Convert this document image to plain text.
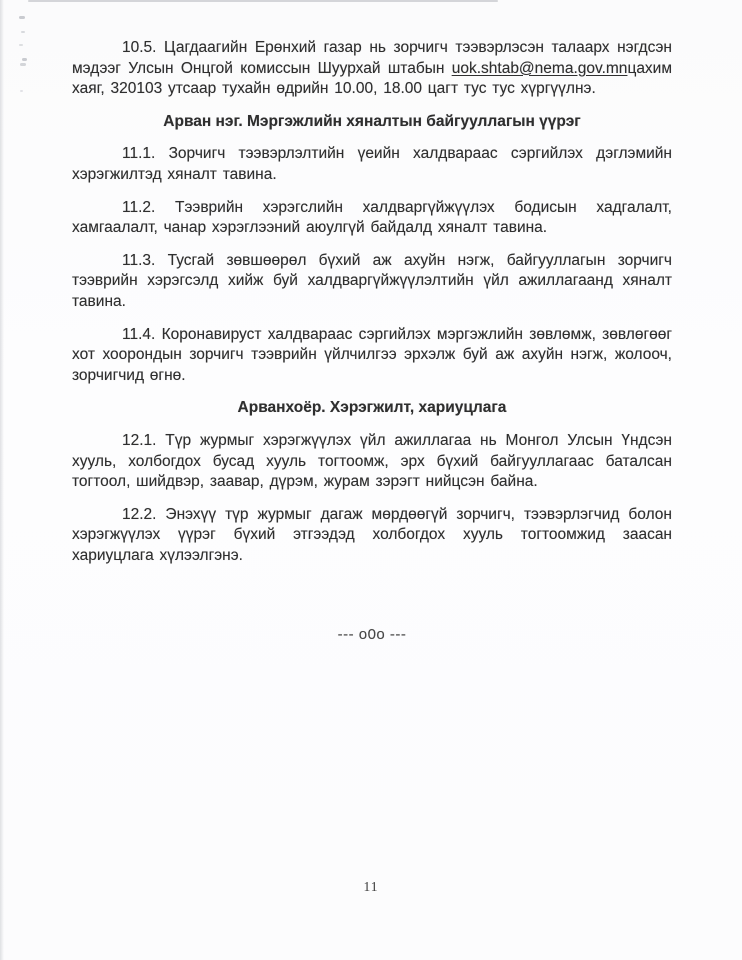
10.5. Цагдаагийн Ерөнхий газар нь зорчигч тээвэрлэсэн талаарх нэгдсэн мэдээг Улсын Онцгой комиссын Шуурхай штабын uok.shtab@nema.gov.mnцахим хаяг, 320103 утсаар тухайн өдрийн 10.00, 18.00 цагт тус тус хүргүүлнэ.

Арван нэг. Мэргэжлийн хяналтын байгууллагын үүрэг

11.1. Зорчигч тээвэрлэлтийн үеийн халдвараас сэргийлэх дэглэмийн хэрэгжилтэд хяналт тавина.

11.2. Тээврийн хэрэгслийн халдваргүйжүүлэх бодисын хадгалалт, хамгаалалт, чанар хэрэглээний аюулгүй байдалд хяналт тавина.

11.3. Тусгай зөвшөөрөл бүхий аж ахуйн нэгж, байгууллагын зорчигч тээврийн хэрэгсэлд хийж буй халдваргүйжүүлэлтийн үйл ажиллагаанд хяналт тавина.

11.4. Коронавируст халдвараас сэргийлэх мэргэжлийн зөвлөмж, зөвлөгөөг хот хоорондын зорчигч тээврийн үйлчилгээ эрхэлж буй аж ахуйн нэгж, жолооч, зорчигчид өгнө.

Арванхоёр. Хэрэгжилт, хариуцлага

12.1. Түр журмыг хэрэгжүүлэх үйл ажиллагаа нь Монгол Улсын Үндсэн хууль, холбогдох бусад хууль тогтоомж, эрх бүхий байгууллагаас баталсан тогтоол, шийдвэр, заавар, дүрэм, журам зэрэгт нийцсэн байна.

12.2. Энэхүү түр журмыг дагаж мөрдөөгүй зорчигч, тээвэрлэгчид болон хэрэгжүүлэх үүрэг бүхий этгээдэд холбогдох хууль тогтоомжид заасан хариуцлага хүлээлгэнэ.

--- о0о ---
11
